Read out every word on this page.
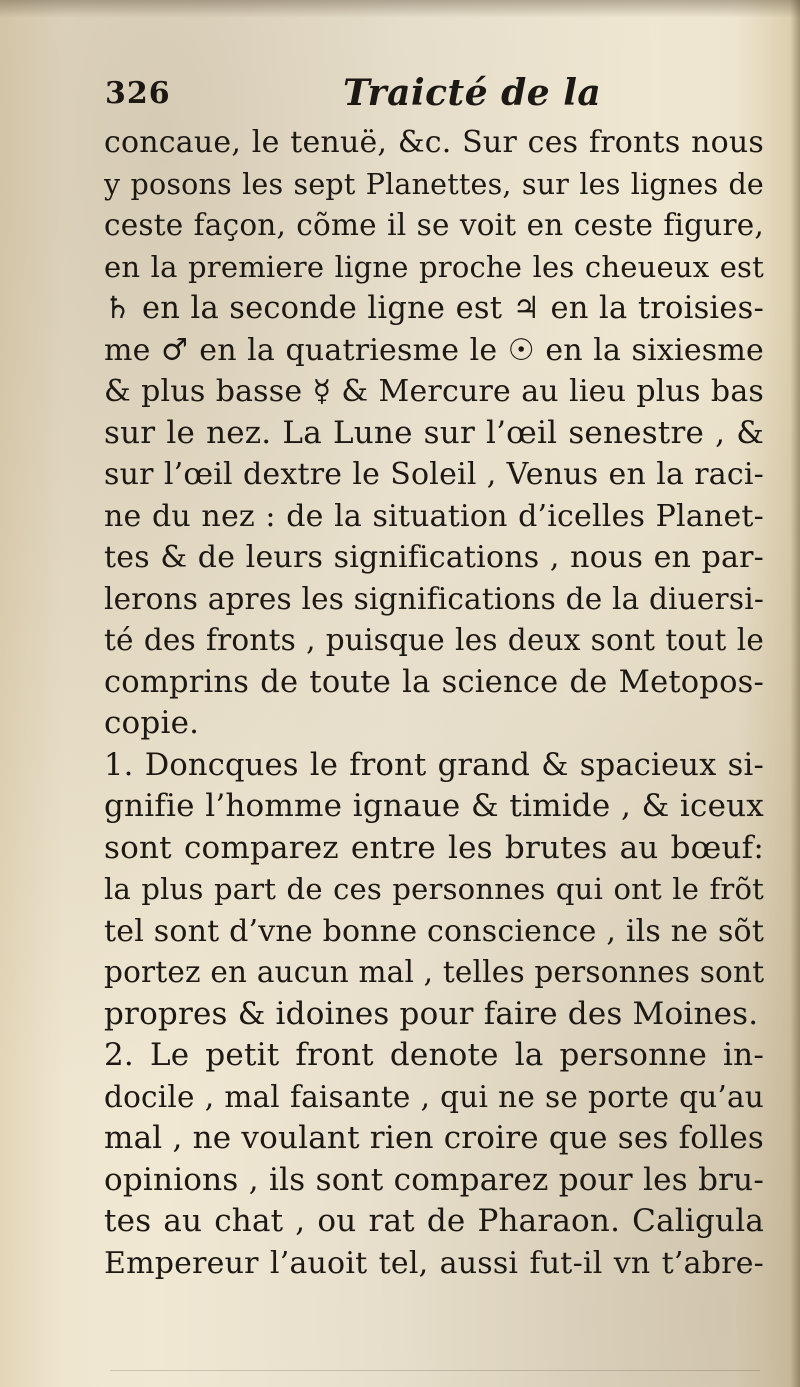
326	Traicté de la
concaue, le tenuë, &c. Sur ces fronts nous
y posons les sept Planettes, sur les lignes de
ceste façon, cõme il se voit en ceste figure,
en la premiere ligne proche les cheueux est
♄ en la seconde ligne est ♃ en la troisies-
me ♂ en la quatriesme le ☉ en la sixiesme
& plus basse ☿ & Mercure au lieu plus bas
sur le nez. La Lune sur l’œil senestre , &
sur l’œil dextre le Soleil , Venus en la raci-
ne du nez : de la situation d’icelles Planet-
tes & de leurs significations , nous en par-
lerons apres les significations de la diuersi-
té des fronts , puisque les deux sont tout le
comprins de toute la science de Metopos-
copie.
1. Doncques le front grand & spacieux si-
gnifie l’homme ignaue & timide , & iceux
sont comparez entre les brutes au bœuf:
la plus part de ces personnes qui ont le frõt
tel sont d’vne bonne conscience , ils ne sõt
portez en aucun mal , telles personnes sont
propres & idoines pour faire des Moines.
2. Le petit front denote la personne in-
docile , mal faisante , qui ne se porte qu’au
mal , ne voulant rien croire que ses folles
opinions , ils sont comparez pour les bru-
tes au chat , ou rat de Pharaon. Caligula
Empereur l’auoit tel, aussi fut-il vn t’abre-
